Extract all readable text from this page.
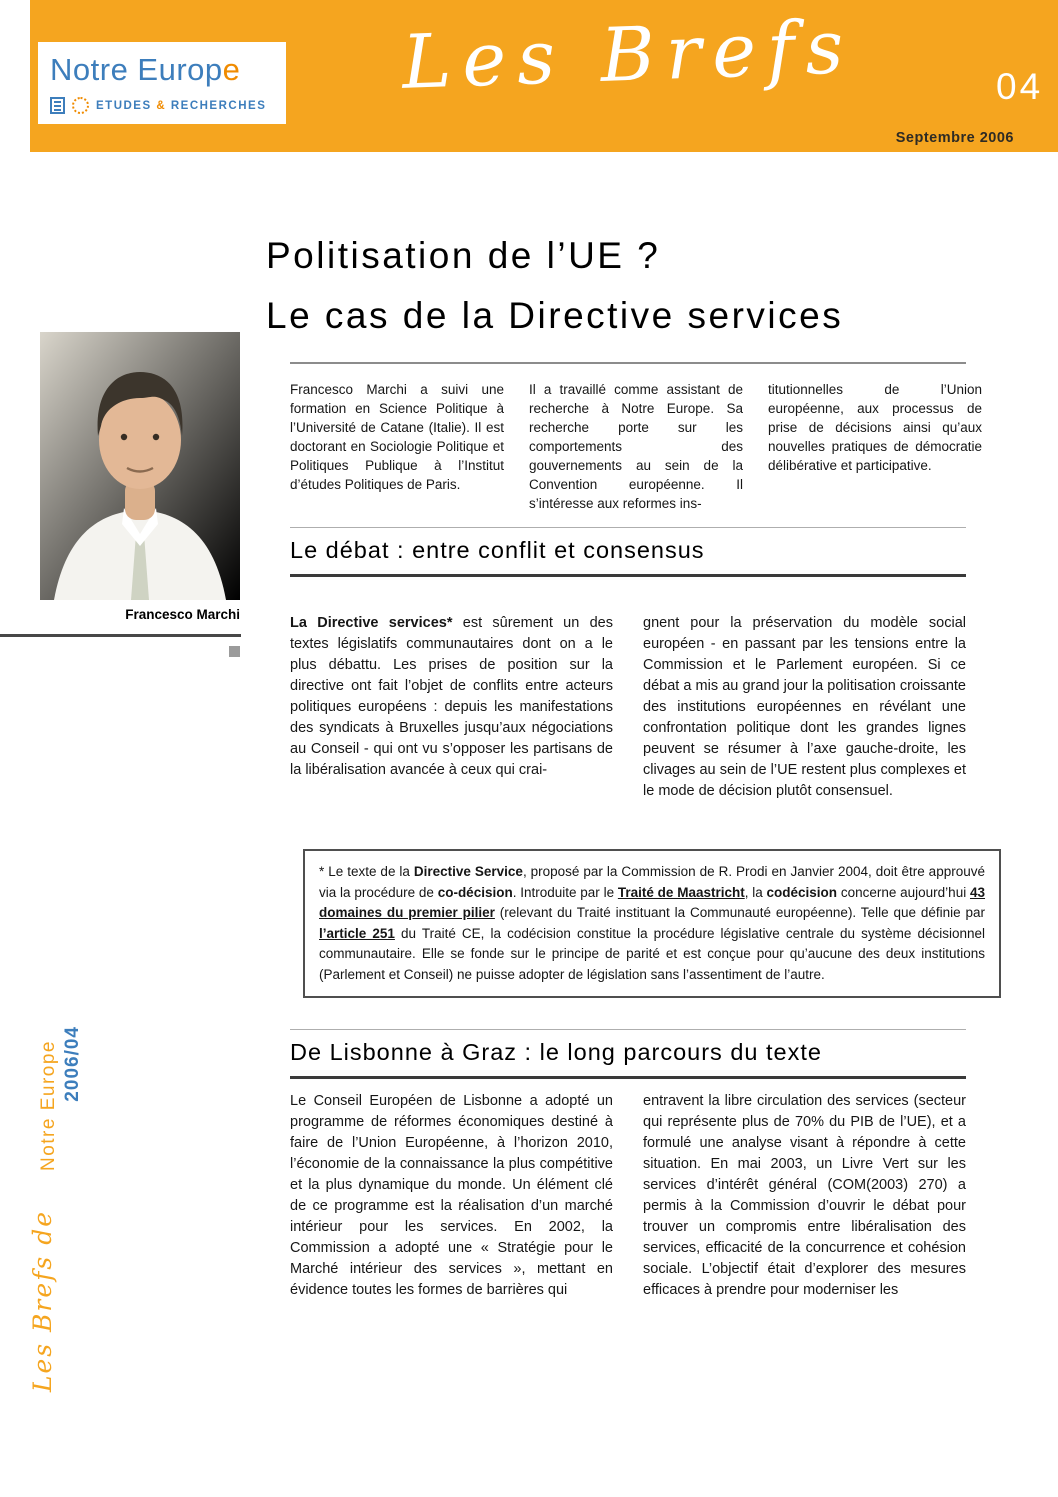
Les Brefs	04
Septembre 2006
Notre Europe
ETUDES & RECHERCHES
Politisation de l’UE ?
Le cas de la Directive services
Francesco Marchi
Francesco Marchi a suivi une formation en Science Politique à l’Université de Catane (Italie). Il est doctorant en Sociologie Politique et Politiques Publique à l’Institut d’études Politiques de Paris.
Il a travaillé comme assistant de recherche à Notre Europe. Sa recherche porte sur les comportements des gouvernements au sein de la Convention européenne. Il s’intéresse aux reformes ins-
titutionnelles de l’Union européenne, aux processus de prise de décisions ainsi qu’aux nouvelles pratiques de démocratie délibérative et participative.
Le débat : entre conflit et consensus
La Directive services* est sûrement un des textes législatifs communautaires dont on a le plus débattu. Les prises de position sur la directive ont fait l’objet de conflits entre acteurs politiques européens : depuis les manifestations des syndicats à Bruxelles jusqu’aux négociations au Conseil - qui ont vu s’opposer les partisans de la libéralisation avancée à ceux qui crai-
gnent pour la préservation du modèle social européen - en passant par les tensions entre la Commission et le Parlement européen. Si ce débat a mis au grand jour la politisation croissante des institutions européennes en révélant une confrontation politique dont les grandes lignes peuvent se résumer à l’axe gauche-droite, les clivages au sein de l’UE restent plus complexes et le mode de décision plutôt consensuel.
* Le texte de la Directive Service, proposé par la Commission de R. Prodi en Janvier 2004, doit être approuvé via la procédure de co-décision. Introduite par le Traité de Maastricht, la codécision concerne aujourd’hui 43 domaines du premier pilier (relevant du Traité instituant la Communauté européenne). Telle que définie par l’article 251 du Traité CE, la codécision constitue la procédure législative centrale du système décisionnel communautaire. Elle se fonde sur le principe de parité et est conçue pour qu’aucune des deux institutions (Parlement et Conseil) ne puisse adopter de législation sans l’assentiment de l’autre.
De Lisbonne à Graz : le long parcours du texte
Le Conseil Européen de Lisbonne a adopté un programme de réformes économiques destiné à faire de l’Union Européenne, à l’horizon 2010, l’économie de la connaissance la plus compétitive et la plus dynamique du monde. Un élément clé de ce programme est la réalisation d’un marché intérieur pour les services. En 2002, la Commission a adopté une « Stratégie pour le Marché intérieur des services », mettant en évidence toutes les formes de barrières qui
entravent la libre circulation des services (secteur qui représente plus de 70% du PIB de l’UE), et a formulé une analyse visant à répondre à cette situation. En mai 2003, un Livre Vert sur les services d’intérêt général (COM(2003) 270) a permis à la Commission d’ouvrir le débat pour trouver un compromis entre libéralisation des services, efficacité de la concurrence et cohésion sociale. L’objectif était d’explorer des mesures efficaces à prendre pour moderniser les
2006/04
Notre Europe
Les Brefs de
